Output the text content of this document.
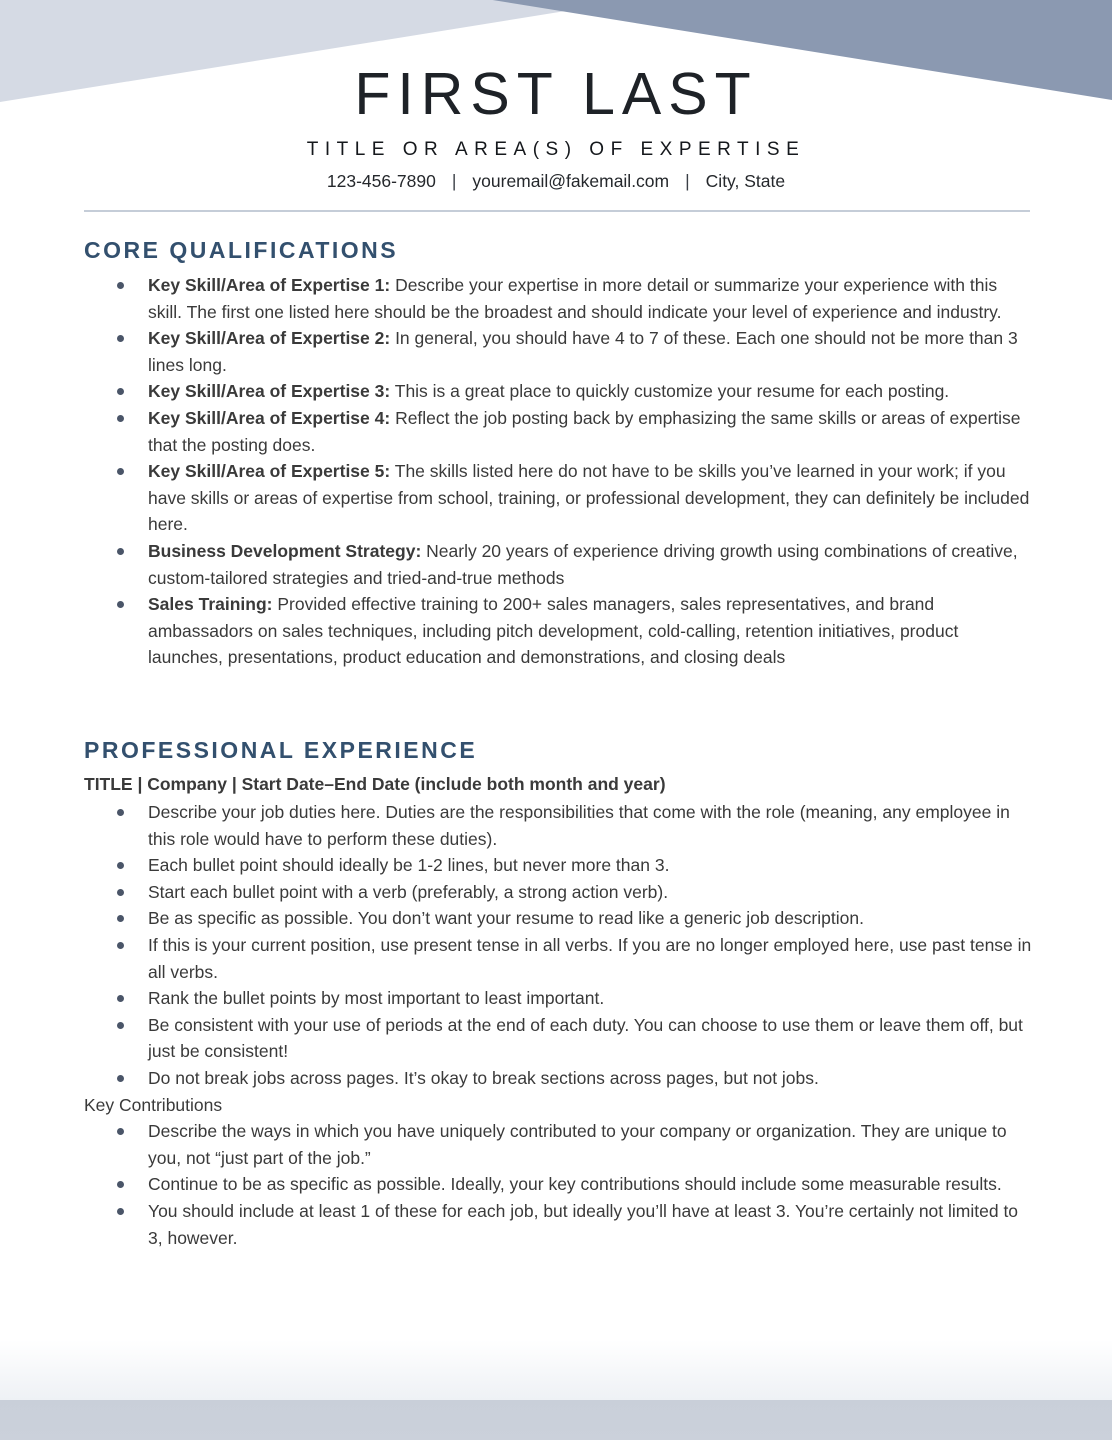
FIRST LAST
TITLE OR AREA(S) OF EXPERTISE
123-456-7890 | youremail@fakemail.com | City, State
CORE QUALIFICATIONS
Key Skill/Area of Expertise 1: Describe your expertise in more detail or summarize your experience with this skill. The first one listed here should be the broadest and should indicate your level of experience and industry.
Key Skill/Area of Expertise 2: In general, you should have 4 to 7 of these. Each one should not be more than 3 lines long.
Key Skill/Area of Expertise 3: This is a great place to quickly customize your resume for each posting.
Key Skill/Area of Expertise 4: Reflect the job posting back by emphasizing the same skills or areas of expertise that the posting does.
Key Skill/Area of Expertise 5: The skills listed here do not have to be skills you’ve learned in your work; if you have skills or areas of expertise from school, training, or professional development, they can definitely be included here.
Business Development Strategy: Nearly 20 years of experience driving growth using combinations of creative, custom-tailored strategies and tried-and-true methods
Sales Training: Provided effective training to 200+ sales managers, sales representatives, and brand ambassadors on sales techniques, including pitch development, cold-calling, retention initiatives, product launches, presentations, product education and demonstrations, and closing deals
PROFESSIONAL EXPERIENCE
TITLE | Company | Start Date–End Date (include both month and year)
Describe your job duties here. Duties are the responsibilities that come with the role (meaning, any employee in this role would have to perform these duties).
Each bullet point should ideally be 1-2 lines, but never more than 3.
Start each bullet point with a verb (preferably, a strong action verb).
Be as specific as possible. You don’t want your resume to read like a generic job description.
If this is your current position, use present tense in all verbs. If you are no longer employed here, use past tense in all verbs.
Rank the bullet points by most important to least important.
Be consistent with your use of periods at the end of each duty. You can choose to use them or leave them off, but just be consistent!
Do not break jobs across pages. It’s okay to break sections across pages, but not jobs.
Key Contributions
Describe the ways in which you have uniquely contributed to your company or organization. They are unique to you, not “just part of the job.”
Continue to be as specific as possible. Ideally, your key contributions should include some measurable results.
You should include at least 1 of these for each job, but ideally you’ll have at least 3. You’re certainly not limited to 3, however.
